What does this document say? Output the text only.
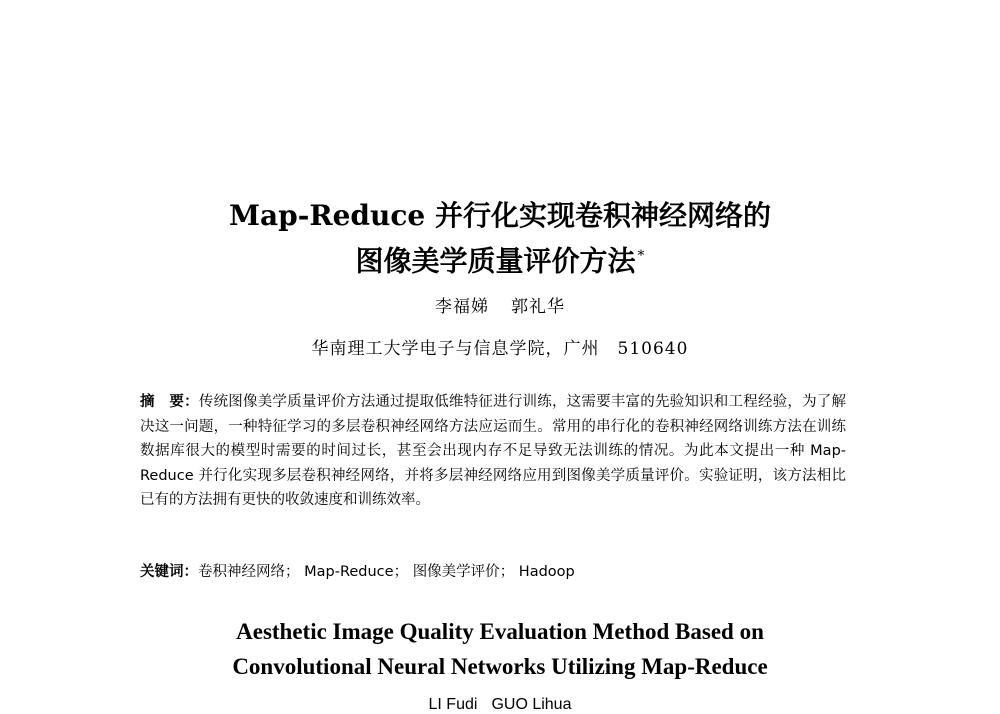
Map-Reduce 并行化实现卷积神经网络的
图像美学质量评价方法 *
李福娣 郭礼华
华南理工大学电子与信息学院，广州　510640
摘　要：传统图像美学质量评价方法通过提取低维特征进行训练，这需要丰富的先验知识和工程经验，为了解决这一问题，一种特征学习的多层卷积神经网络方法应运而生。常用的串行化的卷积神经网络训练方法在训练数据库很大的模型时需要的时间过长，甚至会出现内存不足导致无法训练的情况。为此本文提出一种 Map-Reduce 并行化实现多层卷积神经网络，并将多层神经网络应用到图像美学质量评价。实验证明，该方法相比已有的方法拥有更快的收敛速度和训练效率。
关键词：卷积神经网络 ； Map-Reduce ； 图像美学评价 ； Hadoop
Aesthetic Image Quality Evaluation Method Based on
Convolutional Neural Networks Utilizing Map-Reduce
LI Fudi GUO Lihua
